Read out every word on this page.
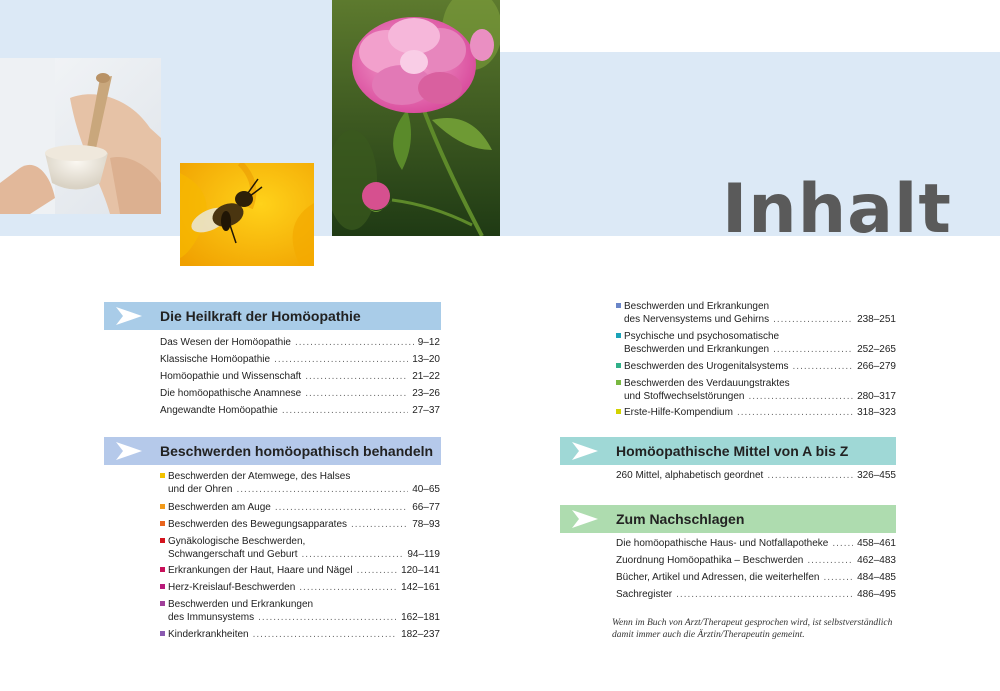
Inhalt
Die Heilkraft der Homöopathie
Das Wesen der Homöopathie .....	9–12
Klassische Homöopathie .....	13–20
Homöopathie und Wissenschaft .....	21–22
Die homöopathische Anamnese .....	23–26
Angewandte Homöopathie .....	27–37
Beschwerden homöopathisch behandeln
Beschwerden der Atemwege, des Halses
und der Ohren .....	40–65
Beschwerden am Auge .....	66–77
Beschwerden des Bewegungsapparates .....	78–93
Gynäkologische Beschwerden,
Schwangerschaft und Geburt .....	94–119
Erkrankungen der Haut, Haare und Nägel .....	120–141
Herz-Kreislauf-Beschwerden .....	142–161
Beschwerden und Erkrankungen
des Immunsystems .....	162–181
Kinderkrankheiten .....	182–237
Beschwerden und Erkrankungen
des Nervensystems und Gehirns .....	238–251
Psychische und psychosomatische
Beschwerden und Erkrankungen .....	252–265
Beschwerden des Urogenitalsystems .....	266–279
Beschwerden des Verdauungstraktes
und Stoffwechselstörungen .....	280–317
Erste-Hilfe-Kompendium .....	318–323
Homöopathische Mittel von A bis Z
260 Mittel, alphabetisch geordnet .....	326–455
Zum Nachschlagen
Die homöopathische Haus- und Notfallapotheke .....	458–461
Zuordnung Homöopathika – Beschwerden .....	462–483
Bücher, Artikel und Adressen, die weiterhelfen .....	484–485
Sachregister .....	486–495
Wenn im Buch von Arzt/Therapeut gesprochen wird, ist selbstverständlich
damit immer auch die Ärztin/Therapeutin gemeint.
